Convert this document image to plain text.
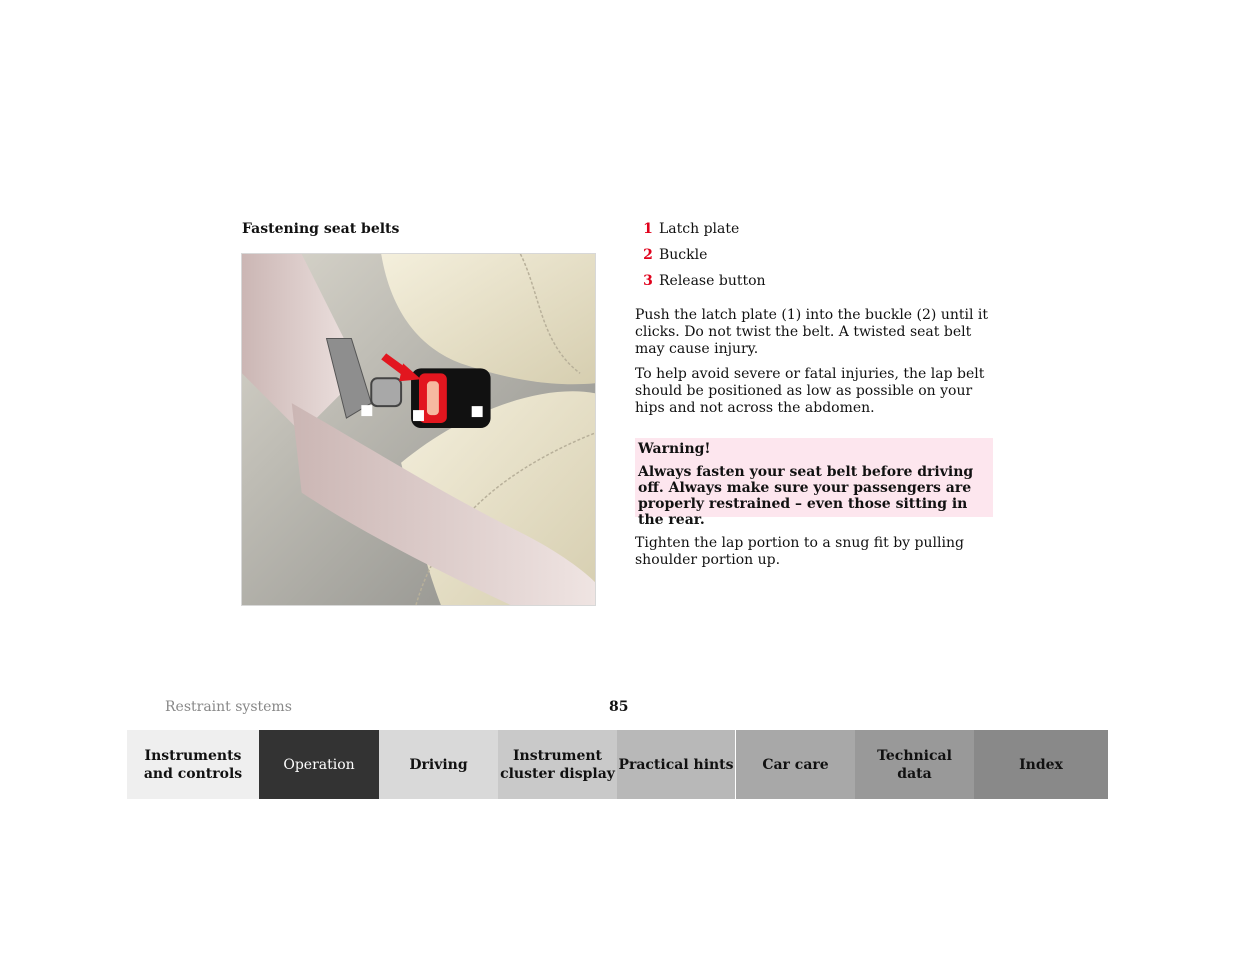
Fastening seat belts	1 Latch plate
2 Buckle
3 Release button

Push the latch plate (1) into the buckle (2) until it clicks. Do not twist the belt. A twisted seat belt may cause injury.

To help avoid severe or fatal injuries, the lap belt should be positioned as low as possible on your hips and not across the abdomen.

Warning!

Always fasten your seat belt before driving off. Always make sure your passengers are properly restrained – even those sitting in the rear.

Tighten the lap portion to a snug fit by pulling shoulder portion up.

Restraint systems	85
Instruments
and controls
Operation	Driving
Instrument
cluster display
Practical hints Car care
Technical
data
Index
